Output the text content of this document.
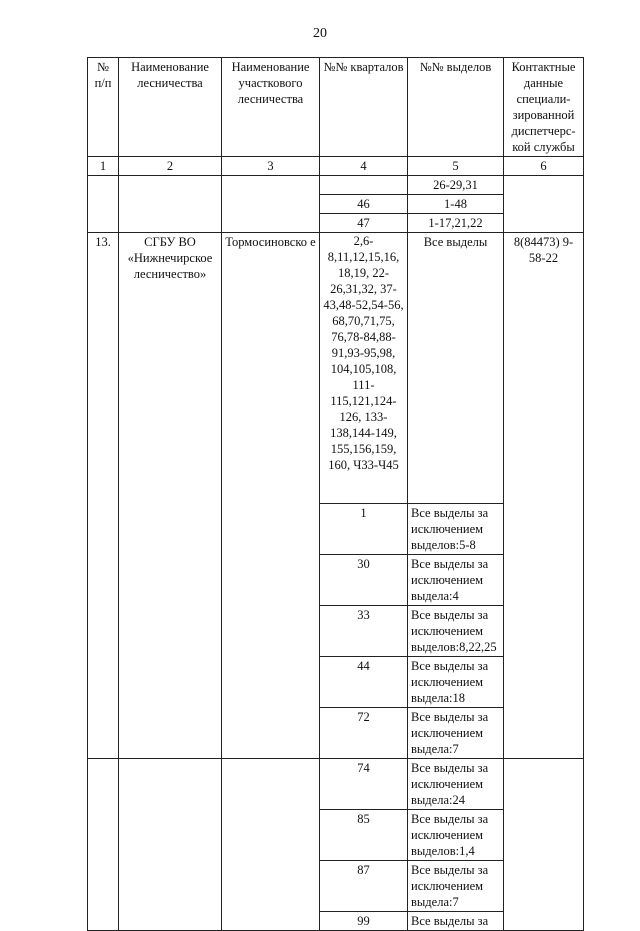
20
№ п/п	Наименование лесничества	Наименование участкового лесничества	№№ кварталов	№№ выделов	Контактные данные специали-зированной диспетчерс-кой службы
1	2	3	4	5	6
				26-29,31	
			46	1-48	
			47	1-17,21,22	
13.	СГБУ ВО «Нижнечирское лесничество»	Тормосиновско е	2,6-8,11,12,15,16, 18,19, 22-26,31,32, 37-43,48-52,54-56, 68,70,71,75, 76,78-84,88-91,93-95,98, 104,105,108, 111-115,121,124-126, 133-138,144-149, 155,156,159, 160, Ч33-Ч45	Все выделы	8(84473) 9-58-22
			1	Все выделы за исключением выделов:5-8	
			30	Все выделы за исключением выдела:4	
			33	Все выделы за исключением выделов:8,22,25	
			44	Все выделы за исключением выдела:18	
			72	Все выделы за исключением выдела:7	
			74	Все выделы за исключением выдела:24	
			85	Все выделы за исключением выделов:1,4	
			87	Все выделы за исключением выдела:7	
			99	Все выделы за	
